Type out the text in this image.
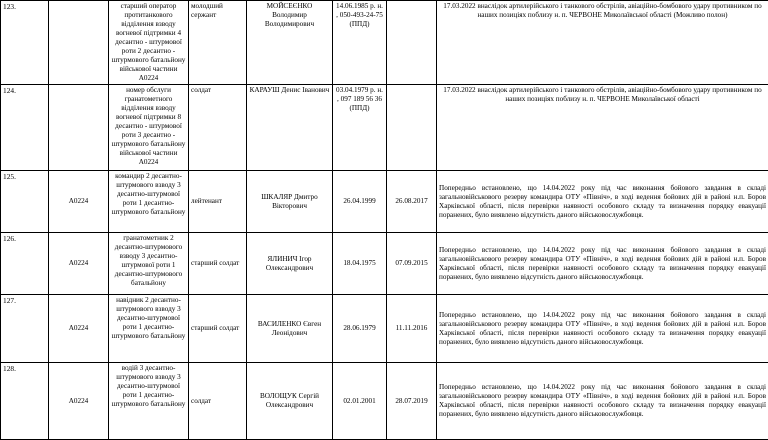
123.		старший оператор протитанкового відділення взводу вогневої підтримки 4 десантно - штурмової роти 2 десантно - штурмового батальйону військової частини А0224	молодший сержант	МОЙСЕЄНКО Володимир Володимирович	14.06.1985 р. н. , 050-493-24-75 (ППД)		17.03.2022 внаслідок артилерійського і танкового обстрілів, авіаційно-бомбового удару противником по наших позиціях поблизу н. п. ЧЕРВОНЕ Миколаївської області (Можливо полон)
124.		номер обслуги гранатометного відділення взводу вогневої підтримки 8 десантно - штурмової роти 3 десантно - штурмового батальйону військової частини А0224	солдат	КАРАУШ Денис Іванович	03.04.1979 р. н. , 097 189 56 36 (ППД)		17.03.2022 внаслідок артилерійського і танкового обстрілів, авіаційно-бомбового удару противником по наших позиціях поблизу н. п. ЧЕРВОНЕ Миколаївської області
125.	А0224	командир 2 десантно-штурмового взводу 3 десантно-штурмової роти 1 десантно-штурмового батальйону	лейтенант	ШКАЛЯР Дмитро Вікторович	26.04.1999	26.08.2017	Попередньо встановлено, що 14.04.2022 року під час виконання бойового завдання в складі загальновійськового резерву командира ОТУ «Північ», в ході ведення бойових дій в районі н.п. Боров Харківської області, після перевірки наявності особового складу та визначення порядку евакуації поранених, було виявлено відсутність даного військовослужбовця.
126.	А0224	гранатометник 2 десантно-штурмового взводу 3 десантно-штурмової роти 1 десантно-штурмового батальйону	старший солдат	ЯЛИНИЧ Ігор Олександрович	18.04.1975	07.09.2015	Попередньо встановлено, що 14.04.2022 року під час виконання бойового завдання в складі загальновійськового резерву командира ОТУ «Північ», в ході ведення бойових дій в районі н.п. Боров Харківської області, після перевірки наявності особового складу та визначення порядку евакуації поранених, було виявлено відсутність даного військовослужбовця.
127.	А0224	навідник 2 десантно-штурмового взводу 3 десантно-штурмової роти 1 десантно-штурмового батальйону	старший солдат	ВАСИЛЕНКО Євген Леонідович	28.06.1979	11.11.2016	Попередньо встановлено, що 14.04.2022 року під час виконання бойового завдання в складі загальновійськового резерву командира ОТУ «Північ», в ході ведення бойових дій в районі н.п. Боров Харківської області, після перевірки наявності особового складу та визначення порядку евакуації поранених, було виявлено відсутність даного військовослужбовця.
128.	А0224	водій 3 десантно-штурмового взводу 3 десантно-штурмової роти 1 десантно-штурмового батальйону	солдат	ВОЛОЩУК Сергій Олександрович	02.01.2001	28.07.2019	Попередньо встановлено, що 14.04.2022 року під час виконання бойового завдання в складі загальновійськового резерву командира ОТУ «Північ», в ході ведення бойових дій в районі н.п. Боров Харківської області, після перевірки наявності особового складу та визначення порядку евакуації поранених, було виявлено відсутність даного військовослужбовця.
